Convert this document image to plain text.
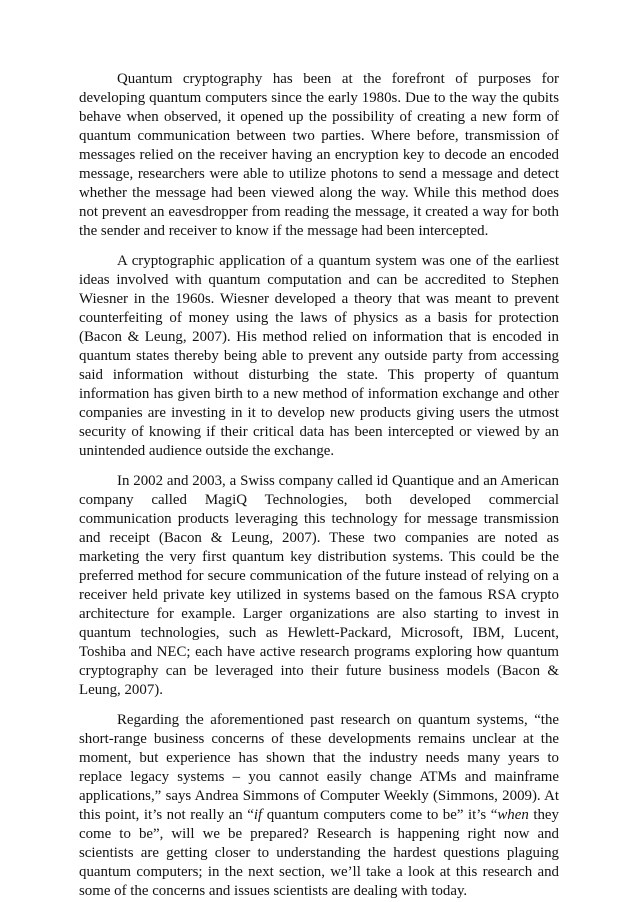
Quantum cryptography has been at the forefront of purposes for developing quantum computers since the early 1980s. Due to the way the qubits behave when observed, it opened up the possibility of creating a new form of quantum communication between two parties. Where before, transmission of messages relied on the receiver having an encryption key to decode an encoded message, researchers were able to utilize photons to send a message and detect whether the message had been viewed along the way. While this method does not prevent an eavesdropper from reading the message, it created a way for both the sender and receiver to know if the message had been intercepted.

A cryptographic application of a quantum system was one of the earliest ideas involved with quantum computation and can be accredited to Stephen Wiesner in the 1960s. Wiesner developed a theory that was meant to prevent counterfeiting of money using the laws of physics as a basis for protection (Bacon & Leung, 2007). His method relied on information that is encoded in quantum states thereby being able to prevent any outside party from accessing said information without disturbing the state. This property of quantum information has given birth to a new method of information exchange and other companies are investing in it to develop new products giving users the utmost security of knowing if their critical data has been intercepted or viewed by an unintended audience outside the exchange.

In 2002 and 2003, a Swiss company called id Quantique and an American company called MagiQ Technologies, both developed commercial communication products leveraging this technology for message transmission and receipt (Bacon & Leung, 2007). These two companies are noted as marketing the very first quantum key distribution systems. This could be the preferred method for secure communication of the future instead of relying on a receiver held private key utilized in systems based on the famous RSA crypto architecture for example. Larger organizations are also starting to invest in quantum technologies, such as Hewlett-Packard, Microsoft, IBM, Lucent, Toshiba and NEC; each have active research programs exploring how quantum cryptography can be leveraged into their future business models (Bacon & Leung, 2007).

Regarding the aforementioned past research on quantum systems, “the short-range business concerns of these developments remains unclear at the moment, but experience has shown that the industry needs many years to replace legacy systems – you cannot easily change ATMs and mainframe applications,” says Andrea Simmons of Computer Weekly (Simmons, 2009). At this point, it’s not really an “if quantum computers come to be” it’s “when they come to be”, will we be prepared? Research is happening right now and scientists are getting closer to understanding the hardest questions plaguing quantum computers; in the next section, we’ll take a look at this research and some of the concerns and issues scientists are dealing with today.
